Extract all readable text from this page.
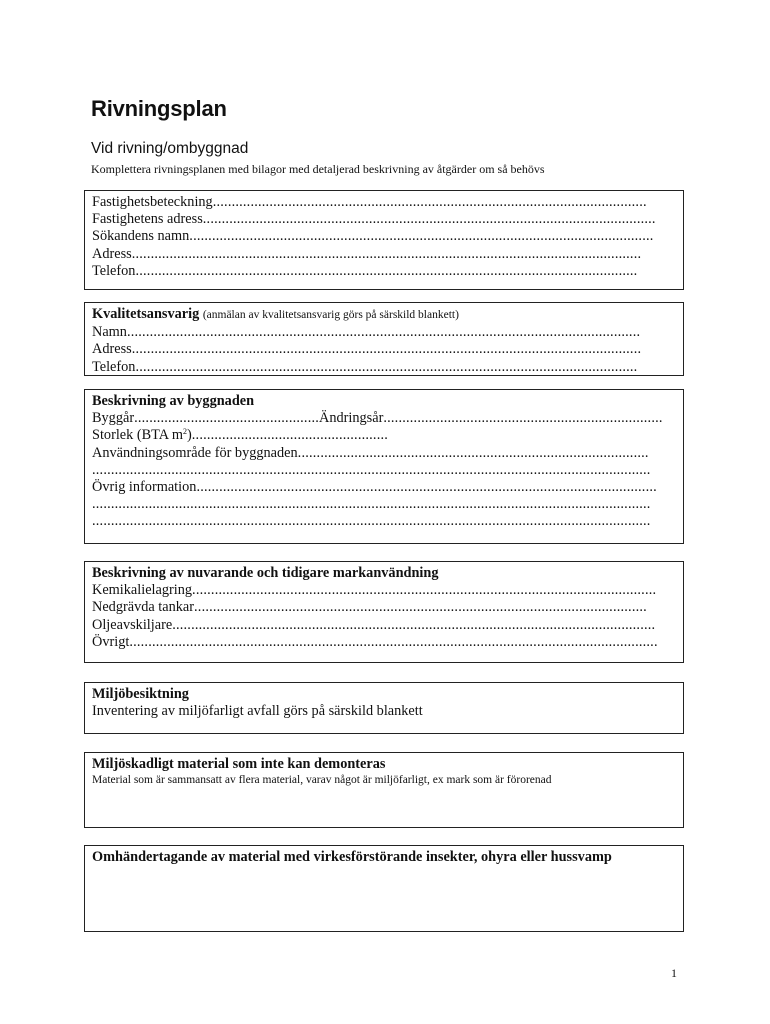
Rivningsplan
Vid rivning/ombyggnad
Komplettera rivningsplanen med bilagor med detaljerad beskrivning av åtgärder om så behövs
Fastighetsbeteckning...................................................................................................................
Fastighetens adress........................................................................................................................
Sökandens namn...........................................................................................................................
Adress.......................................................................................................................................
Telefon.....................................................................................................................................
Kvalitetsansvarig (anmälan av kvalitetsansvarig görs på särskild blankett)
Namn........................................................................................................................................
Adress.......................................................................................................................................
Telefon.....................................................................................................................................
Beskrivning av byggnaden
Byggår.................................................Ändringsår..........................................................................
Storlek (BTA $m^2$)....................................................
Användningsområde för byggnaden.............................................................................................
....................................................................................................................................................
Övrig information..........................................................................................................................
....................................................................................................................................................
....................................................................................................................................................
Beskrivning av nuvarande och tidigare markanvändning
Kemikalielagring...........................................................................................................................
Nedgrävda tankar........................................................................................................................
Oljeavskiljare................................................................................................................................
Övrigt............................................................................................................................................
Miljöbesiktning
Inventering av miljöfarligt avfall görs på särskild blankett
Miljöskadligt material som inte kan demonteras
Material som är sammansatt av flera material, varav något är miljöfarligt, ex mark som är förorenad
Omhändertagande av material med virkesförstörande insekter, ohyra eller hussvamp
1
